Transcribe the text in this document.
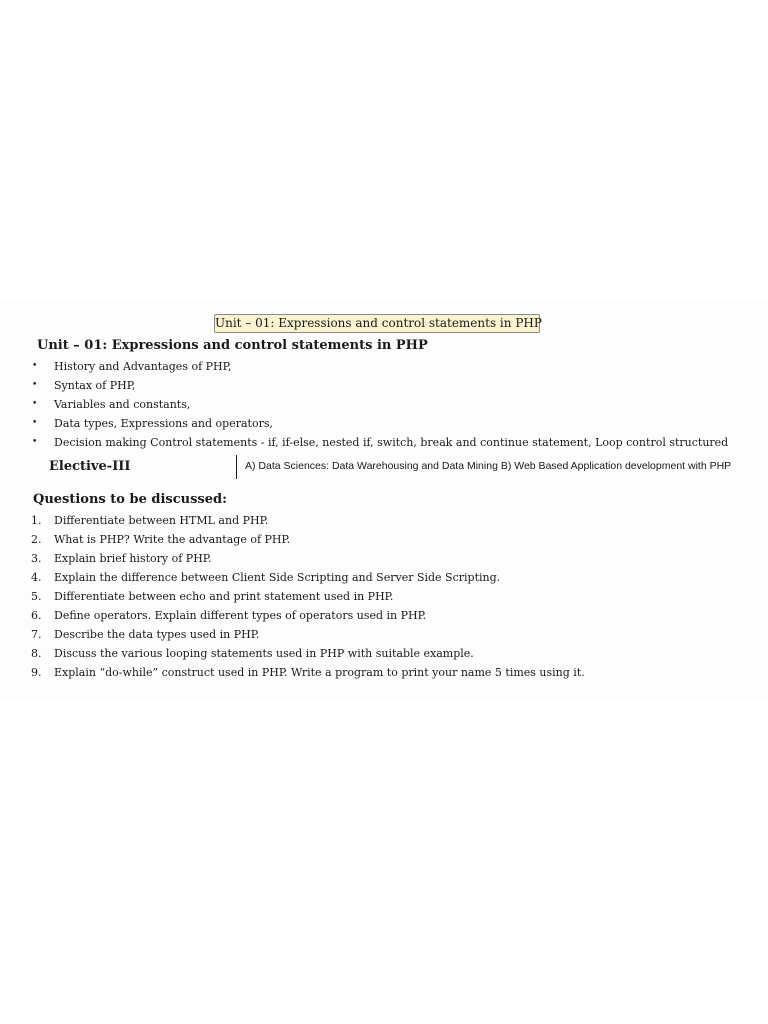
Unit – 01: Expressions and control statements in PHP
Unit – 01: Expressions and control statements in PHP
• History and Advantages of PHP,
• Syntax of PHP,
• Variables and constants,
• Data types, Expressions and operators,
• Decision making Control statements - if, if-else, nested if, switch, break and continue statement, Loop control structured
Elective-III	A) Data Sciences: Data Warehousing and Data Mining B) Web Based Application development with PHP
Questions to be discussed:
1. Differentiate between HTML and PHP.
2. What is PHP? Write the advantage of PHP.
3. Explain brief history of PHP.
4. Explain the difference between Client Side Scripting and Server Side Scripting.
5. Differentiate between echo and print statement used in PHP.
6. Define operators. Explain different types of operators used in PHP.
7. Describe the data types used in PHP.
8. Discuss the various looping statements used in PHP with suitable example.
9. Explain “do-while” construct used in PHP. Write a program to print your name 5 times using it.
